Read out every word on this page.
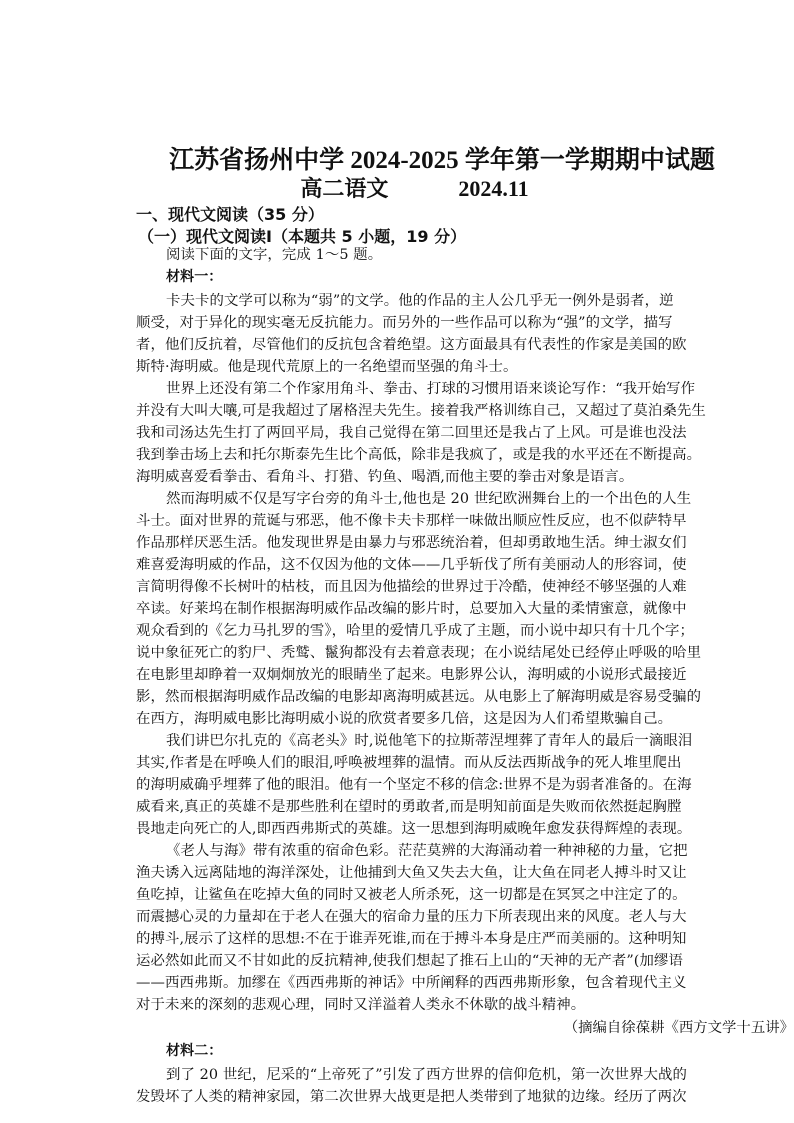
江苏省扬州中学 2024-2025 学年第一学期期中试题
高二语文	2024.11
一、现代文阅读（35 分）
（一）现代文阅读Ⅰ（本题共 5 小题，19 分）
阅读下面的文字，完成 1～5 题。
材料一：
卡夫卡的文学可以称为“弱”的文学。他的作品的主人公几乎无一例外是弱者，逆
顺受，对于异化的现实毫无反抗能力。而另外的一些作品可以称为“强”的文学，描写
者，他们反抗着，尽管他们的反抗包含着绝望。这方面最具有代表性的作家是美国的欧
斯特·海明威。他是现代荒原上的一名绝望而坚强的角斗士。
世界上还没有第二个作家用角斗、拳击、打球的习惯用语来谈论写作：“我开始写作
并没有大叫大嚷,可是我超过了屠格涅夫先生。接着我严格训练自己，又超过了莫泊桑先生
我和司汤达先生打了两回平局，我自己觉得在第二回里还是我占了上风。可是谁也没法
我到拳击场上去和托尔斯泰先生比个高低，除非是我疯了，或是我的水平还在不断提高。
海明威喜爱看拳击、看角斗、打猎、钓鱼、喝酒,而他主要的拳击对象是语言。
然而海明威不仅是写字台旁的角斗士,他也是 20 世纪欧洲舞台上的一个出色的人生
斗士。面对世界的荒诞与邪恶，他不像卡夫卡那样一味做出顺应性反应，也不似萨特早
作品那样厌恶生活。他发现世界是由暴力与邪恶统治着，但却勇敢地生活。绅士淑女们
难喜爱海明威的作品，这不仅因为他的文体——几乎斩伐了所有美丽动人的形容词，使
言简明得像不长树叶的枯枝，而且因为他描绘的世界过于冷酷，使神经不够坚强的人难
卒读。好莱坞在制作根据海明威作品改编的影片时，总要加入大量的柔情蜜意，就像中
观众看到的《乞力马扎罗的雪》，哈里的爱情几乎成了主题，而小说中却只有十几个字；
说中象征死亡的豹尸、秃鹫、鬣狗都没有去着意表现；在小说结尾处已经停止呼吸的哈里
在电影里却睁着一双炯炯放光的眼睛坐了起来。电影界公认，海明威的小说形式最接近
影，然而根据海明威作品改编的电影却离海明威甚远。从电影上了解海明威是容易受骗的
在西方，海明威电影比海明威小说的欣赏者要多几倍，这是因为人们希望欺骗自己。
我们讲巴尔扎克的《高老头》时,说他笔下的拉斯蒂涅埋葬了青年人的最后一滴眼泪
其实,作者是在呼唤人们的眼泪,呼唤被埋葬的温情。而从反法西斯战争的死人堆里爬出
的海明威确乎埋葬了他的眼泪。他有一个坚定不移的信念:世界不是为弱者准备的。在海
威看来,真正的英雄不是那些胜利在望时的勇敢者,而是明知前面是失败而依然挺起胸膛
畏地走向死亡的人,即西西弗斯式的英雄。这一思想到海明威晚年愈发获得辉煌的表现。
《老人与海》带有浓重的宿命色彩。茫茫莫辨的大海涌动着一种神秘的力量，它把
渔夫诱入远离陆地的海洋深处，让他捕到大鱼又失去大鱼，让大鱼在同老人搏斗时又让
鱼吃掉，让鲨鱼在吃掉大鱼的同时又被老人所杀死，这一切都是在冥冥之中注定了的。
而震撼心灵的力量却在于老人在强大的宿命力量的压力下所表现出来的风度。老人与大
的搏斗,展示了这样的思想:不在于谁弄死谁,而在于搏斗本身是庄严而美丽的。这种明知
运必然如此而又不甘如此的反抗精神,使我们想起了推石上山的“天神的无产者”(加缪语
——西西弗斯。加缪在《西西弗斯的神话》中所阐释的西西弗斯形象，包含着现代主义
对于未来的深刻的悲观心理，同时又洋溢着人类永不休歇的战斗精神。
（摘编自徐葆耕《西方文学十五讲》
材料二：
到了 20 世纪，尼采的“上帝死了”引发了西方世界的信仰危机，第一次世界大战的
发毁坏了人类的精神家园，第二次世界大战更是把人类带到了地狱的边缘。经历了两次
